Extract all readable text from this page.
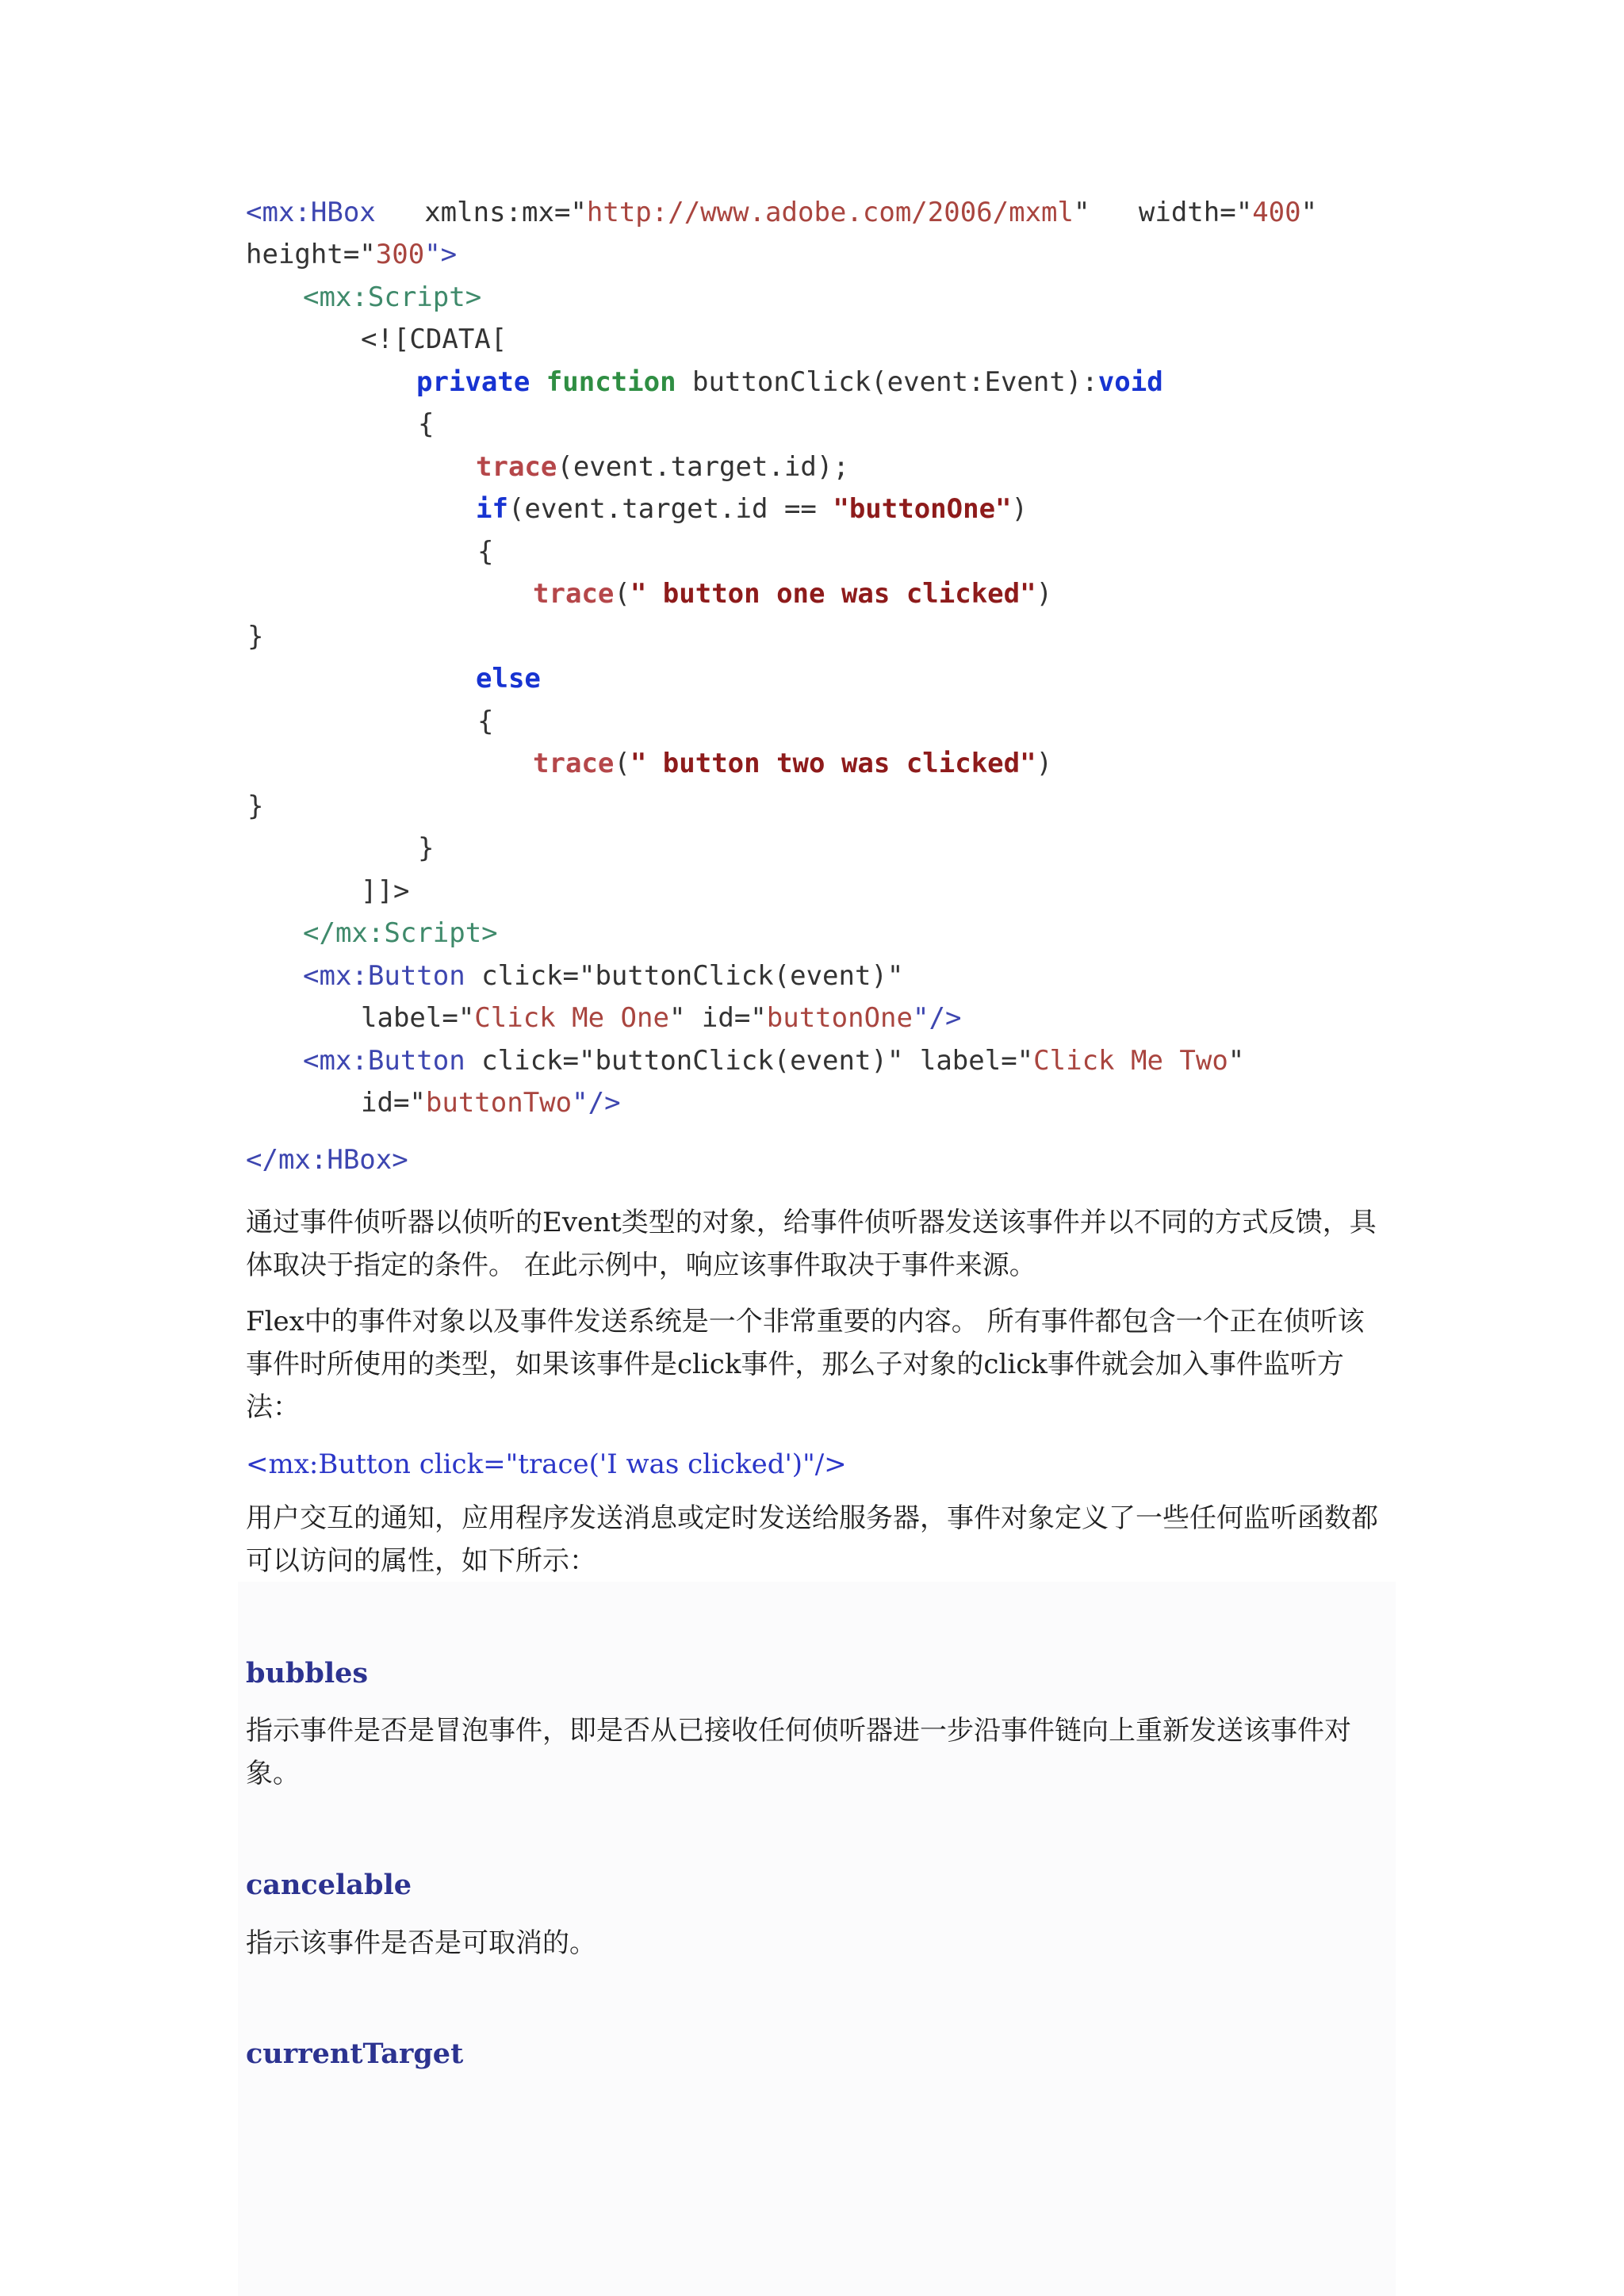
<mx:HBox xmlns:mx="http://www.adobe.com/2006/mxml" width="400"
height="300">
<mx:Script>
<![CDATA[
private function buttonClick(event:Event):void
{
trace(event.target.id);
if(event.target.id == "buttonOne")
{
trace(" button one was clicked")
}
else
{
trace(" button two was clicked")
}
}
]]>
</mx:Script>
<mx:Button click="buttonClick(event)"
label="Click Me One" id="buttonOne"/>
<mx:Button click="buttonClick(event)" label="Click Me Two"
id="buttonTwo"/>
</mx:HBox>
通过事件侦听器以侦听的Event类型的对象，给事件侦听器发送该事件并以不同的方式反馈，具体取决于指定的条件。 在此示例中，响应该事件取决于事件来源。
Flex中的事件对象以及事件发送系统是一个非常重要的内容。 所有事件都包含一个正在侦听该事件时所使用的类型，如果该事件是click事件，那么子对象的click事件就会加入事件监听方法：
<mx:Button click="trace('I was clicked')"/>
用户交互的通知，应用程序发送消息或定时发送给服务器，事件对象定义了一些任何监听函数都可以访问的属性，如下所示：
bubbles
指示事件是否是冒泡事件，即是否从已接收任何侦听器进一步沿事件链向上重新发送该事件对象。
cancelable
指示该事件是否是可取消的。
currentTarget
